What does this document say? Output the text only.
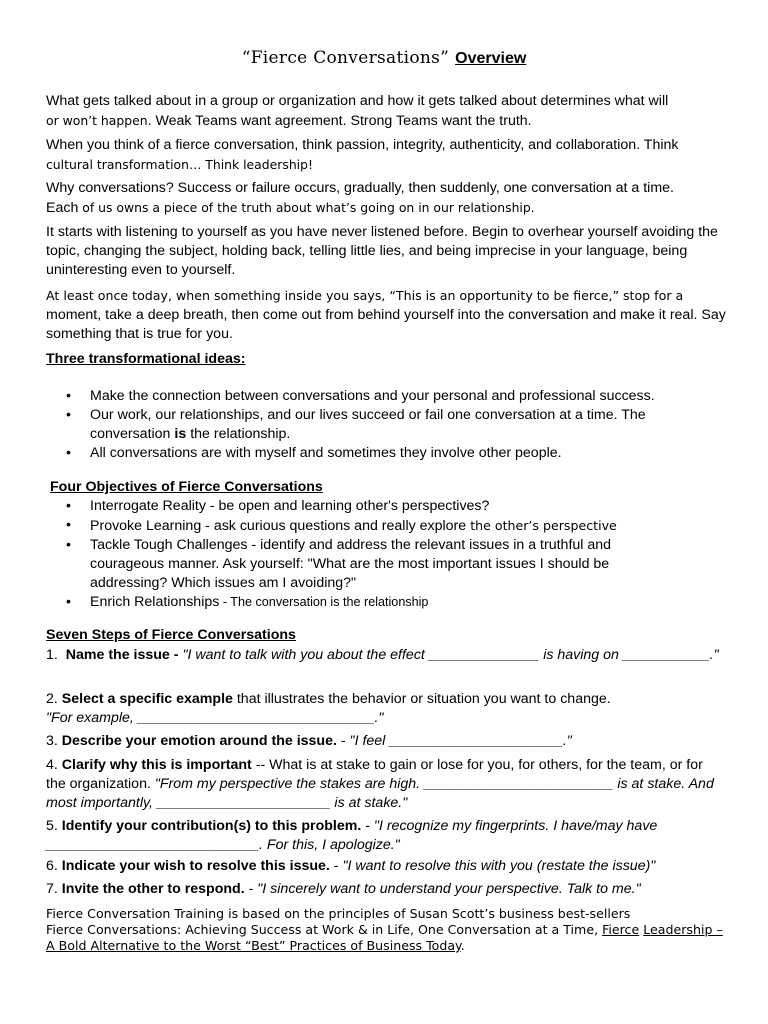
“Fierce Conversations” Overview

What gets talked about in a group or organization and how it gets talked about determines what will
or won’t happen. Weak Teams want agreement. Strong Teams want the truth.

When you think of a fierce conversation, think passion, integrity, authenticity, and collaboration. Think
cultural transformation… Think leadership!

Why conversations? Success or failure occurs, gradually, then suddenly, one conversation at a time.
Each of us owns a piece of the truth about what’s going on in our relationship.

It starts with listening to yourself as you have never listened before. Begin to overhear yourself avoiding the topic, changing the subject, holding back, telling little lies, and being imprecise in your language, being uninteresting even to yourself.

At least once today, when something inside you says, “This is an opportunity to be fierce,” stop for a
moment, take a deep breath, then come out from behind yourself into the conversation and make it real. Say something that is true for you.

Three transformational ideas:
• Make the connection between conversations and your personal and professional success.
• Our work, our relationships, and our lives succeed or fail one conversation at a time. The conversation is the relationship.
• All conversations are with myself and sometimes they involve other people.
Four Objectives of Fierce Conversations
• Interrogate Reality - be open and learning other's perspectives?
• Provoke Learning - ask curious questions and really explore the other’s perspective
• Tackle Tough Challenges - identify and address the relevant issues in a truthful and courageous manner. Ask yourself: "What are the most important issues I should be addressing? Which issues am I avoiding?"
• Enrich Relationships - The conversation is the relationship
Seven Steps of Fierce Conversations
1. Name the issue - "I want to talk with you about the effect ______________ is having on ___________."
2. Select a specific example that illustrates the behavior or situation you want to change.
"For example, ______________________________."
3. Describe your emotion around the issue. - "I feel ______________________."
4. Clarify why this is important -- What is at stake to gain or lose for you, for others, for the team, or for the organization. "From my perspective the stakes are high. ________________________ is at stake. And most importantly, ______________________ is at stake."
5. Identify your contribution(s) to this problem. - "I recognize my fingerprints. I have/may have ___________________________. For this, I apologize."
6. Indicate your wish to resolve this issue. - "I want to resolve this with you (restate the issue)"
7. Invite the other to respond. - "I sincerely want to understand your perspective. Talk to me."
Fierce Conversation Training is based on the principles of Susan Scott’s business best-sellers
Fierce Conversations: Achieving Success at Work & in Life, One Conversation at a Time, Fierce Leadership –
A Bold Alternative to the Worst “Best” Practices of Business Today.
